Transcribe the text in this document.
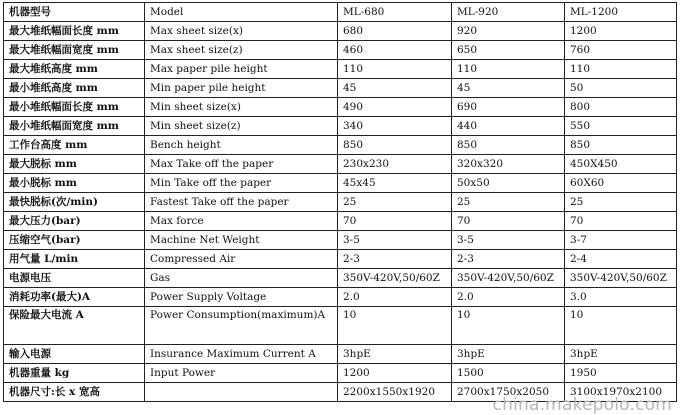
机器型号	Model	ML-680	ML-920	ML-1200
最大堆纸幅面长度 mm	Max sheet size(x)	680	920	1200
最大堆纸幅面宽度 mm	Max sheet size(z)	460	650	760
最大堆纸高度 mm	Max paper pile height	110	110	110
最小堆纸高度 mm	Min paper pile height	45	45	50
最小堆纸幅面长度 mm	Min sheet size(x)	490	690	800
最小堆纸幅面宽度 mm	Min sheet size(z)	340	440	550
工作台高度 mm	Bench height	850	850	850
最大脱标 mm	Max Take off the paper	230x230	320x320	450X450
最小脱标 mm	Min Take off the paper	45x45	50x50	60X60
最快脱标(次/min)	Fastest Take off the paper	25	25	25
最大压力(bar)	Max force	70	70	70
压缩空气(bar)	Machine Net Weight	3-5	3-5	3-7
用气量 L/min	Compressed Air	2-3	2-3	2-4
电源电压	Gas	350V-420V,50/60Z	350V-420V,50/60Z	350V-420V,50/60Z
消耗功率(最大)A	Power Supply Voltage	2.0	2.0	3.0
保险最大电流 A	Power Consumption(maximum)A	10	10	10
输入电源	Insurance Maximum Current A	3hpE	3hpE	3hpE
机器重量 kg	Input Power	1200	1500	1950
机器尺寸:长 x 宽高		2200x1550x1920	2700x1750x2050	3100x1970x2100
china.makepolo.com
